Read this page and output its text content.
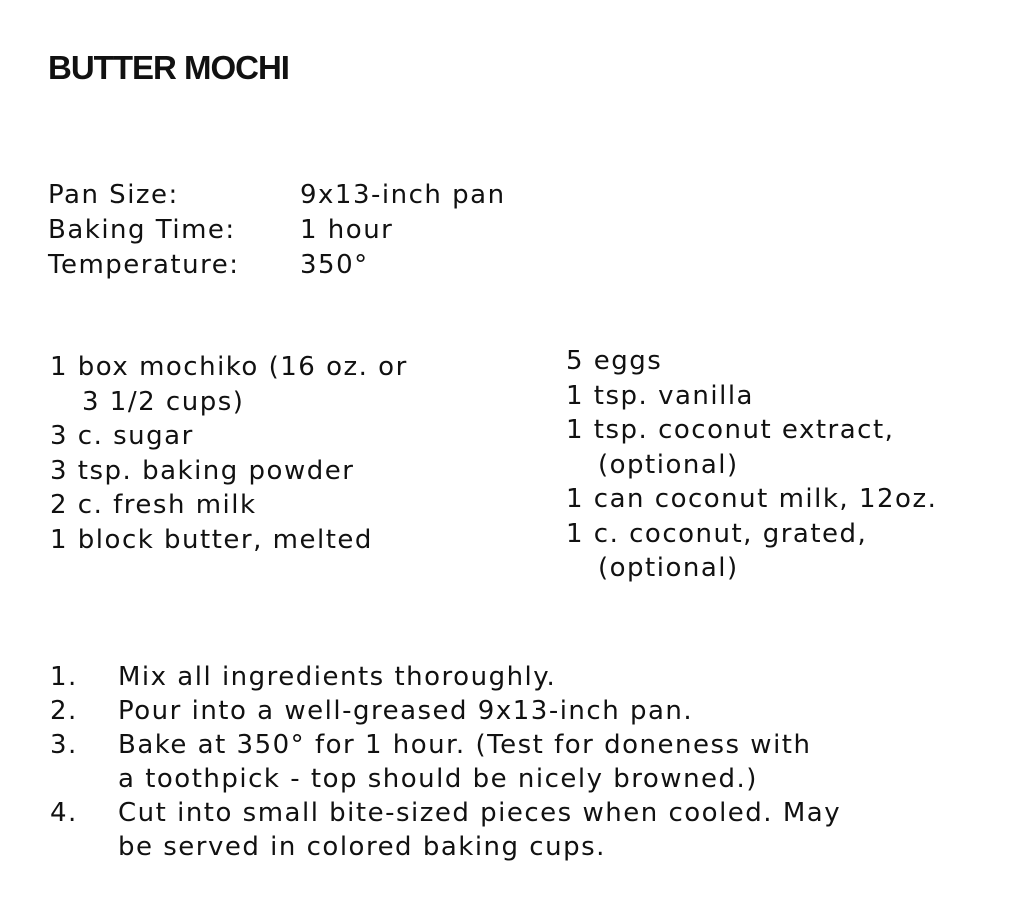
BUTTER MOCHI
Pan Size:	9x13-inch pan
Baking Time:	1 hour
Temperature:	350°
1 box mochiko (16 oz. or
3 1/2 cups)
3 c. sugar
3 tsp. baking powder
2 c. fresh milk
1 block butter, melted
5 eggs
1 tsp. vanilla
1 tsp. coconut extract,
(optional)
1 can coconut milk, 12oz.
1 c. coconut, grated,
(optional)
1.	Mix all ingredients thoroughly.
2.	Pour into a well-greased 9x13-inch pan.
3.	Bake at 350° for 1 hour. (Test for doneness with
a toothpick - top should be nicely browned.)
4.	Cut into small bite-sized pieces when cooled. May
be served in colored baking cups.
